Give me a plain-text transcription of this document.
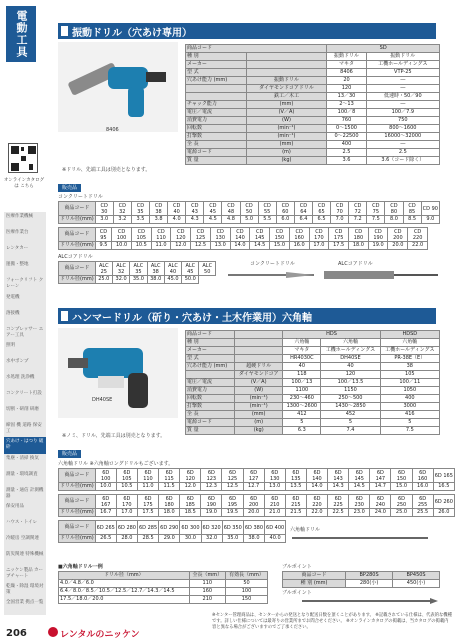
電動工具
オンラインカタログは こちら
医療作業機械
医療作業台
レンタカー
運搬・整地
フォークリフト クレーン
発電機
溶接機
コンプレッサー エアー工具
照明
水中ポンプ
水処理 洗浄機
コンクリート打設
切断・研削 研磨
締固 機 道路 保安工
穴あけ・はつり 破砕
集塵・清掃 換気
測量・環境調査
測量・通信 計測機器
保安用品
ハウス・トイレ
冷暖房 空調関連
防災関連 特殊機械
ニッケン製品 カーブチャート
乾燥・除湿 環境対策
全国営業 拠点一覧
振動ドリル（穴あけ専用）
8406
※ドリル、先端工具は別売となります。
商品コード		SD	
種 別		振動ドリル	振動ドリル
メーカー		マキタ	工機ホールディングス
型 式		8406	VTP-25
穴あけ能力 (mm)	振動ドリル	20	―
	ダイヤモンドコアドリル	120	―
	鉄工／木工	13／30	低速時・50／90
チャック能力	(mm)	2～13	―
電圧／電流	(V／A)	100／8	100／7.9
消費電力	(W)	760	750
回転数	(min⁻¹)	0～1500	800～1600
打撃数	(min⁻¹)	0～22500	16000～32000
全 長	(mm)	400	―
電源コード	(m)	2.5	2.5
質 量	(kg)	3.6	3.6（コード除く）
販売品
コンクリートドリル
商品コード	CD 30	CD 32	CD 35	CD 38	CD 40	CD 43	CD 45	CD 48	CD 50	CD 55	CD 60	CD 64	CD 65	CD 70	CD 72	CD 75	CD 80	CD 85	CD 90
ドリル径(mm)	3.0	3.2	3.5	3.8	4.0	4.3	4.5	4.8	5.0	5.5	6.0	6.4	6.5	7.0	7.2	7.5	8.0	8.5	9.0
商品コード	CD 95	CD 100	CD 105	CD 110	CD 120	CD 125	CD 130	CD 140	CD 145	CD 150	CD 160	CD 170	CD 175	CD 180	CD 190	CD 200	CD 220
ドリル径(mm)	9.5	10.0	10.5	11.0	12.0	12.5	13.0	14.0	14.5	15.0	16.0	17.0	17.5	18.0	19.0	20.0	22.0
ALCコアドリル
商品コード	ALC 25	ALC 32	ALC 35	ALC 38	ALC 40	ALC 45	ALC 50
ドリル径(mm)	25.0	32.0	35.0	38.0	45.0	50.0	
コンクリートドリル	ALCコアドリル
ハンマードリル（斫り・穴あけ・土木作業用）六角軸
DH40SE
※ノミ、ドリル、先端工具は別売となります。
商品コード		HDS		HDSD
種 別		六角軸	六角軸	六角軸
メーカー		マキタ	工機ホールディングス	工機ホールディングス
型 式		HR4030C	DH40SE	PR-38E（E）
穴あけ能力 (mm)	超硬ドリル	40	40	38
	ダイヤモンドコア	118	120	105
電圧／電流	(V／A)	100／13	100／13.5	100／11
消費電力	(W)	1100	1150	1050
回転数	(min⁻¹)	230～460	250～500	400
打撃数	(min⁻¹)	1300～2600	1430～2850	3000
全 長	(mm)	412	452	416
電源コード	(m)	5	5	5
質 量	(kg)	6.3	7.4	7.5
販売品
六角軸ドリル ※六角軸ロングドリルもございます。
商品コード	6D 100	6D 105	6D 110	6D 115	6D 120	6D 123	6D 125	6D 127	6D 130	6D 135	6D 140	6D 143	6D 145	6D 147	6D 150	6D 160	6D 165
ドリル径(mm)	10.0	10.5	11.0	11.5	12.0	12.3	12.5	12.7	13.0	13.5	14.0	14.3	14.5	14.7	15.0	16.0	16.5
商品コード	6D 167	6D 170	6D 175	6D 180	6D 185	6D 190	6D 195	6D 200	6D 210	6D 215	6D 220	6D 225	6D 230	6D 240	6D 250	6D 255	6D 260
ドリル径(mm)	16.7	17.0	17.5	18.0	18.5	19.0	19.5	20.0	21.0	21.5	22.0	22.5	23.0	24.0	25.0	25.5	26.0
商品コード	6D 265	6D 280	6D 285	6D 290	6D 300	6D 320	6D 350	6D 380	6D 400
ドリル径(mm)	26.5	28.0	28.5	29.0	30.0	32.0	35.0	38.0	40.0
六角軸ドリル
■六角軸ドリル一例
ドリル径（mm）	全長（mm）	有効長（mm）
4.0／4.8／6.0	110	50
6.4／8.0／8.5／10.5／12.5／12.7／14.3／14.5	160	100
17.5／18.0／20.0	210	150
ブルポイント
商品コード	BP280S	BP450S
種 別 (mm)	280(小)	450(小)
ブルポイント
※センター管理商品は、センターからの発送となり配送日数を頂くことがあります。 ※記載されている仕様は、代表的な機種です。詳しい仕様については最寄りの営業所までお問合せください。 ※オンラインカタログの掲載は、当カタログの掲載内容と異なる場合がございますのでご了承ください。
206	レンタルのニッケン
